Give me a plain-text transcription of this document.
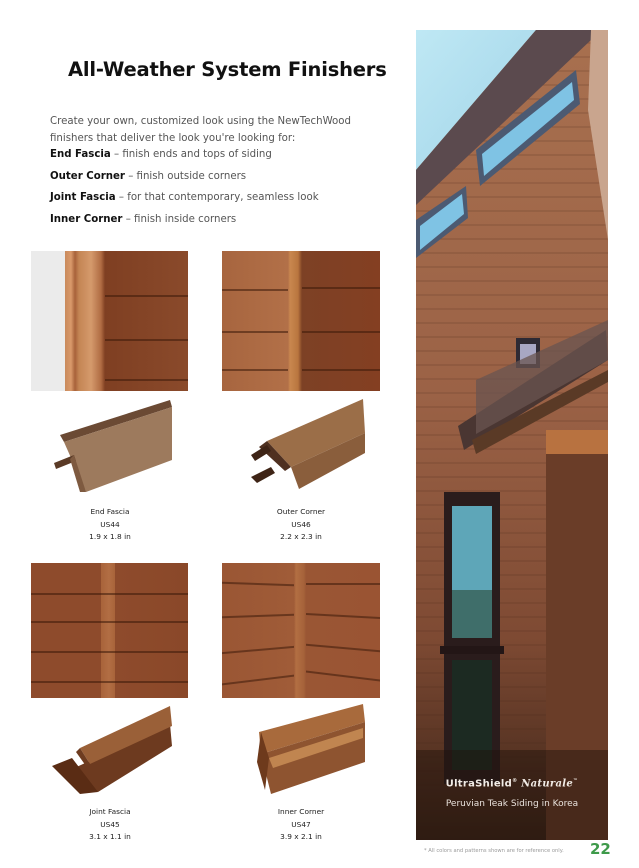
All-Weather System Finishers

Create your own, customized look using the NewTechWood finishers that deliver the look you're looking for:

End Fascia – finish ends and tops of siding
Outer Corner – finish outside corners
Joint Fascia – for that contemporary, seamless look
Inner Corner – finish inside corners
End Fascia
US44
1.9 x 1.8 in
Outer Corner
US46
2.2 x 2.3 in
Joint Fascia
US45
3.1 x 1.1 in
Inner Corner
US47
3.9 x 2.1 in
UltraShield® Naturale™
Peruvian Teak Siding in Korea
* All colors and patterns shown are for reference only. 22
